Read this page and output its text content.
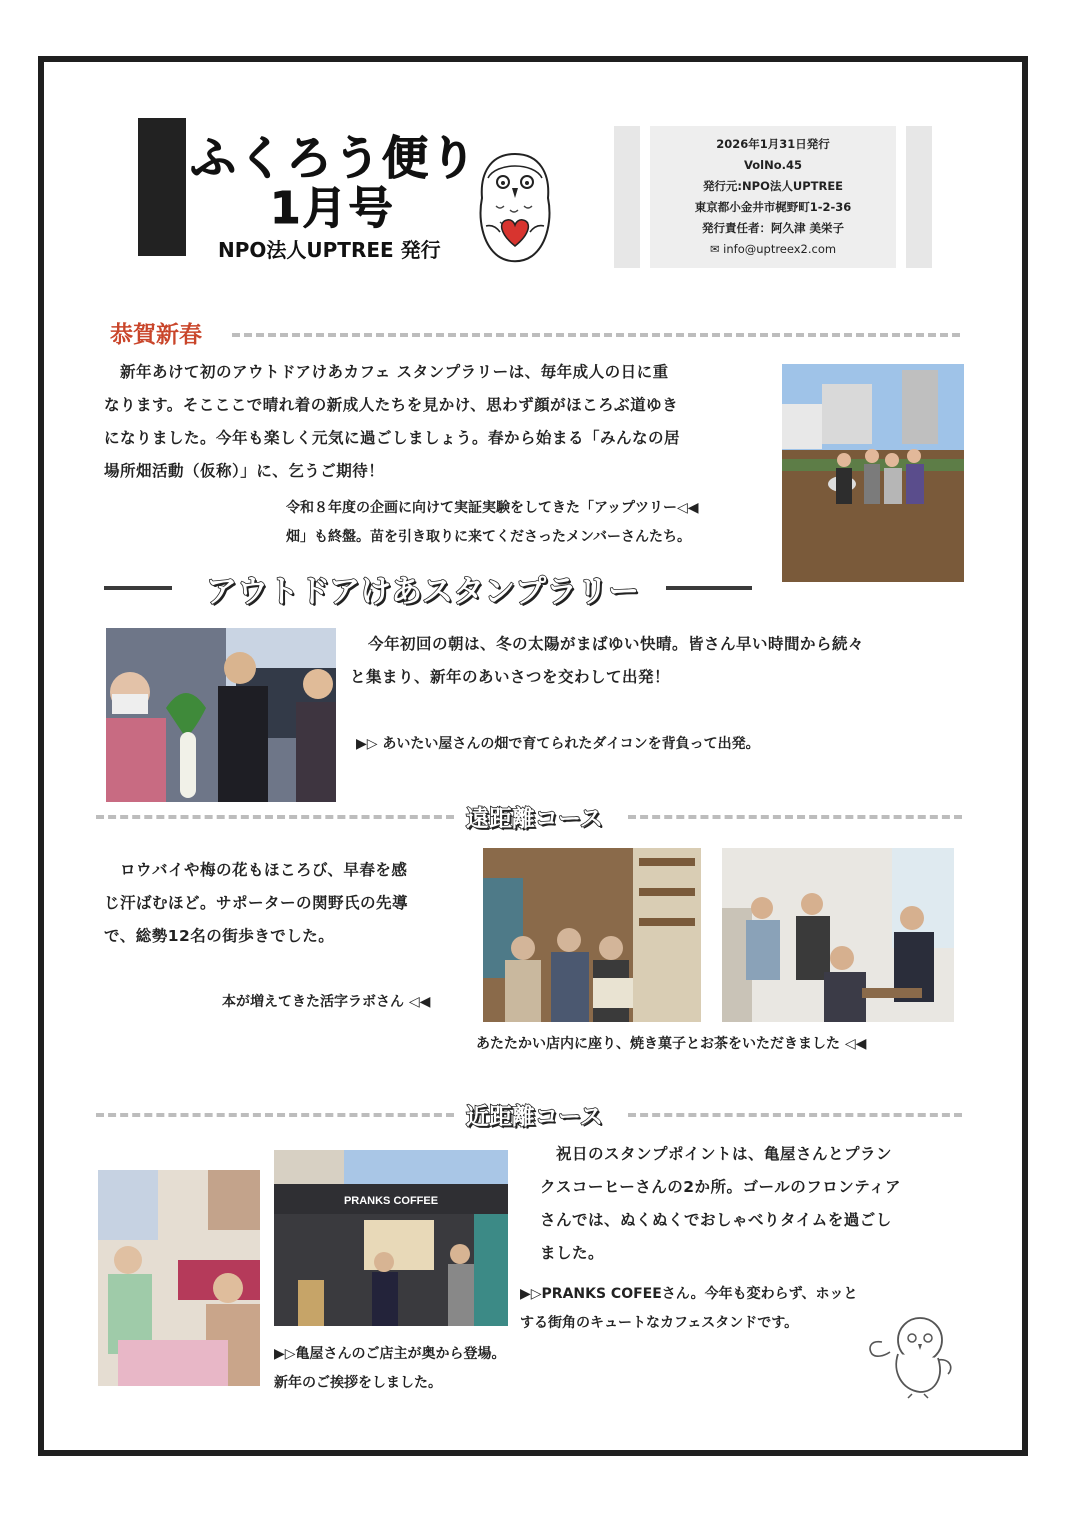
ふくろう便り
1月号
NPO法人UPTREE 発行
2026年1月31日発行
VolNo.45
発行元:NPO法人UPTREE
東京都小金井市梶野町1-2-36
発行責任者：阿久津 美栄子
✉ info@uptreex2.com
恭賀新春
新年あけて初のアウトドアけあカフェ スタンプラリーは、毎年成人の日に重
なります。そこここで晴れ着の新成人たちを見かけ、思わず顔がほころぶ道ゆき
になりました。今年も楽しく元気に過ごしましょう。春から始まる「みんなの居
場所畑活動（仮称）」に、乞うご期待！
令和８年度の企画に向けて実証実験をしてきた「アップツリー◁◀
畑」も終盤。苗を引き取りに来てくださったメンバーさんたち。
アウトドアけあスタンプラリー
今年初回の朝は、冬の太陽がまばゆい快晴。皆さん早い時間から続々
と集まり、新年のあいさつを交わして出発！
▶▷ あいたい屋さんの畑で育てられたダイコンを背負って出発。
遠距離コース
ロウバイや梅の花もほころび、早春を感
じ汗ばむほど。サポーターの関野氏の先導
で、総勢12名の街歩きでした。
本が増えてきた活字ラボさん ◁◀
あたたかい店内に座り、焼き菓子とお茶をいただきました ◁◀
近距離コース
PRANKS COFFEE
祝日のスタンプポイントは、亀屋さんとプラン
クスコーヒーさんの2か所。ゴールのフロンティア
さんでは、ぬくぬくでおしゃべりタイムを過ごし
ました。
▶▷PRANKS COFEEさん。今年も変わらず、ホッと
する街角のキュートなカフェスタンドです。
▶▷亀屋さんのご店主が奥から登場。
新年のご挨拶をしました。
